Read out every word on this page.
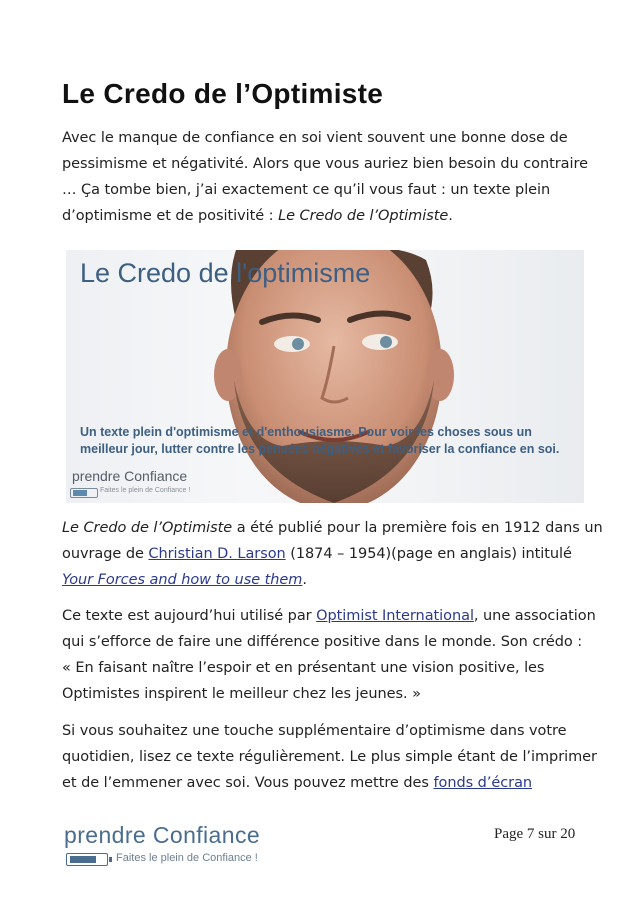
Le Credo de l’Optimiste

Avec le manque de confiance en soi vient souvent une bonne dose de
pessimisme et négativité. Alors que vous auriez bien besoin du contraire
… Ça tombe bien, j’ai exactement ce qu’il vous faut : un texte plein
d’optimisme et de positivité : Le Credo de l’Optimiste.

Le Credo de l'optimisme
Un texte plein d'optimisme et d'enthousiasme. Pour voir les choses sous un
meilleur jour, lutter contre les pensées négatives et favoriser la confiance en soi.
prendre Confiance
Faites le plein de Confiance !

Le Credo de l’Optimiste a été publié pour la première fois en 1912 dans un
ouvrage de Christian D. Larson (1874 – 1954)(page en anglais) intitulé
Your Forces and how to use them.

Ce texte est aujourd’hui utilisé par Optimist International, une association
qui s’efforce de faire une différence positive dans le monde. Son crédo :
« En faisant naître l’espoir et en présentant une vision positive, les
Optimistes inspirent le meilleur chez les jeunes. »

Si vous souhaitez une touche supplémentaire d’optimisme dans votre
quotidien, lisez ce texte régulièrement. Le plus simple étant de l’imprimer
et de l’emmener avec soi. Vous pouvez mettre des fonds d’écran

prendre Confiance
Faites le plein de Confiance !
Page 7 sur 20
